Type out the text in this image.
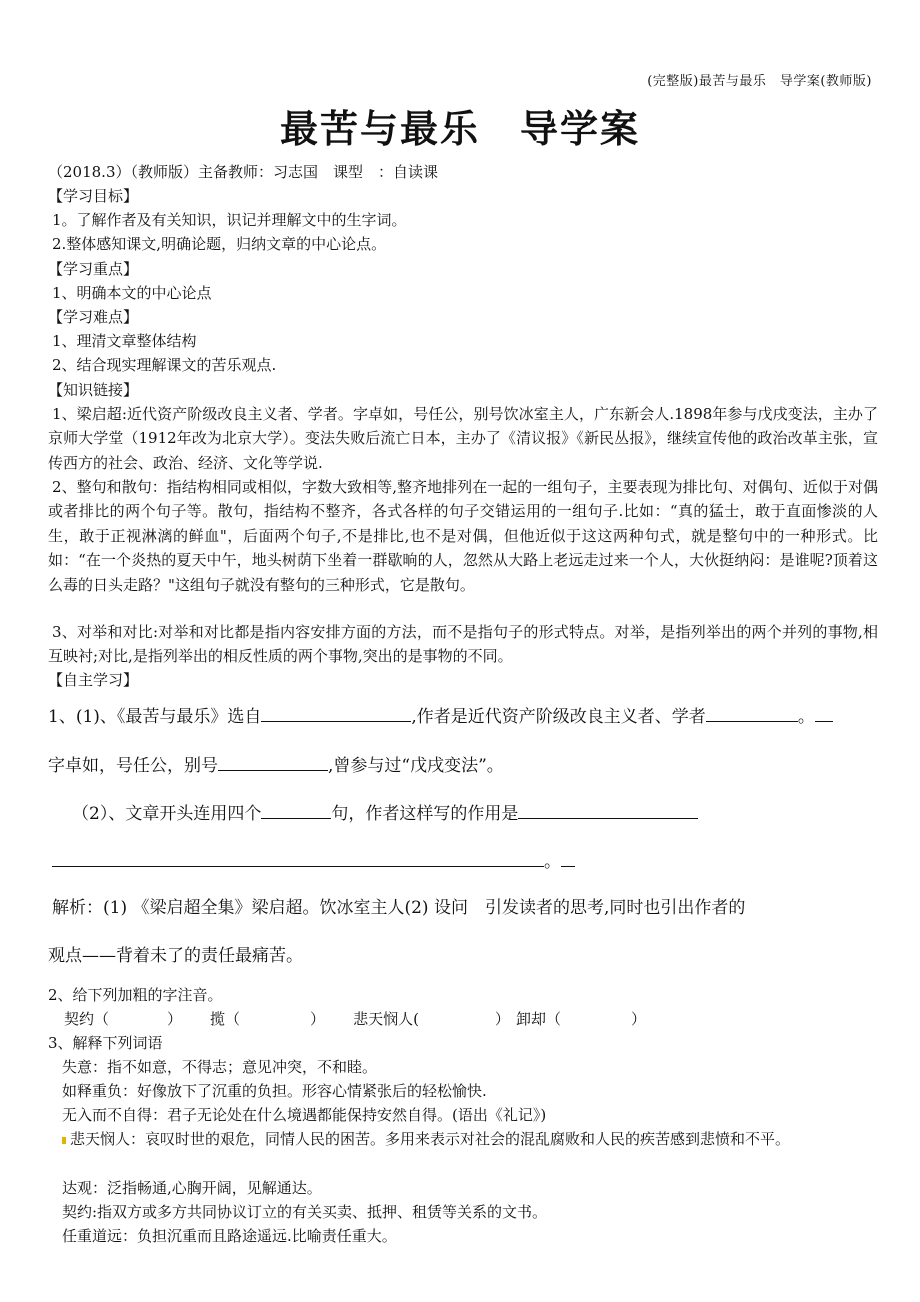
(完整版)最苦与最乐　导学案(教师版)
最苦与最乐　导学案
（2018.3）（教师版）主备教师：习志国　课型　：自读课
【学习目标】
1。了解作者及有关知识，识记并理解文中的生字词。
2.整体感知课文,明确论题，归纳文章的中心论点。
【学习重点】
1、明确本文的中心论点
【学习难点】
1、理清文章整体结构
2、结合现实理解课文的苦乐观点.
【知识链接】
1、梁启超:近代资产阶级改良主义者、学者。字卓如，号任公，别号饮冰室主人，广东新会人.1898年参与戊戌变法，主办了京师大学堂（1912年改为北京大学）。变法失败后流亡日本，主办了《清议报》《新民丛报》，继续宣传他的政治改革主张，宣传西方的社会、政治、经济、文化等学说.
2、整句和散句：指结构相同或相似，字数大致相等,整齐地排列在一起的一组句子，主要表现为排比句、对偶句、近似于对偶或者排比的两个句子等。散句，指结构不整齐，各式各样的句子交错运用的一组句子.比如：“真的猛士，敢于直面惨淡的人生，敢于正视淋漓的鲜血"，后面两个句子,不是排比,也不是对偶，但他近似于这这两种句式，就是整句中的一种形式。比如：“在一个炎热的夏天中午，地头树荫下坐着一群歇晌的人，忽然从大路上老远走过来一个人，大伙挺纳闷：是谁呢?顶着这么毒的日头走路？"这组句子就没有整句的三种形式，它是散句。
3、对举和对比:对举和对比都是指内容安排方面的方法，而不是指句子的形式特点。对举，是指列举出的两个并列的事物,相互映衬;对比,是指列举出的相反性质的两个事物,突出的是事物的不同。
【自主学习】
1、(1)、《最苦与最乐》选自	,作者是近代资产阶级改良主义者、学者	。
字卓如，号任公，别号	,曾参与过“戊戌变法”。
（2）、文章开头连用四个	句，作者这样写的作用是
。
解析：(1) 《梁启超全集》梁启超。饮冰室主人(2) 设问　引发读者的思考,同时也引出作者的
观点——背着未了的责任最痛苦。
2、给下列加粗的字注音。
契约（	） 揽（	） 悲天悯人(	） 卸却（	）
3、解释下列词语
失意：指不如意，不得志；意见冲突，不和睦。
如释重负：好像放下了沉重的负担。形容心情紧张后的轻松愉快.
无入而不自得：君子无论处在什么境遇都能保持安然自得。(语出《礼记》)
悲天悯人：哀叹时世的艰危，同情人民的困苦。多用来表示对社会的混乱腐败和人民的疾苦感到悲愤和不平。
达观：泛指畅通,心胸开阔，见解通达。
契约:指双方或多方共同协议订立的有关买卖、抵押、租赁等关系的文书。
任重道远：负担沉重而且路途遥远.比喻责任重大。
